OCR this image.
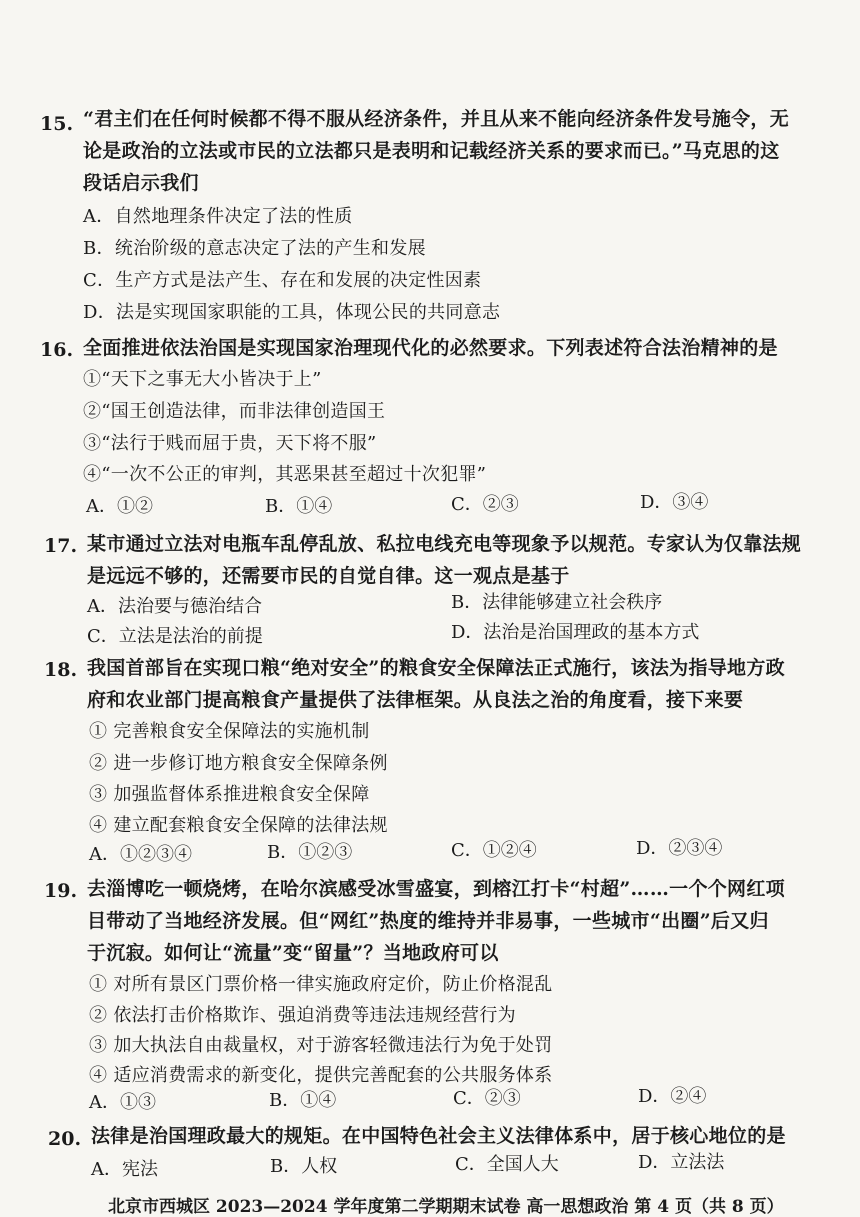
15. “君主们在任何时候都不得不服从经济条件，并且从来不能向经济条件发号施令，无
论是政治的立法或市民的立法都只是表明和记载经济关系的要求而已。”马克思的这
段话启示我们
A．自然地理条件决定了法的性质
B．统治阶级的意志决定了法的产生和发展
C．生产方式是法产生、存在和发展的决定性因素
D．法是实现国家职能的工具，体现公民的共同意志
16. 全面推进依法治国是实现国家治理现代化的必然要求。下列表述符合法治精神的是
①“天下之事无大小皆决于上”
②“国王创造法律，而非法律创造国王
③“法行于贱而屈于贵，天下将不服”
④“一次不公正的审判，其恶果甚至超过十次犯罪”
A．①②	B．①④	C．②③	D．③④
17. 某市通过立法对电瓶车乱停乱放、私拉电线充电等现象予以规范。专家认为仅靠法规
是远远不够的，还需要市民的自觉自律。这一观点是基于
A．法治要与德治结合	B．法律能够建立社会秩序
C．立法是法治的前提	D．法治是治国理政的基本方式
18. 我国首部旨在实现口粮“绝对安全”的粮食安全保障法正式施行，该法为指导地方政
府和农业部门提高粮食产量提供了法律框架。从良法之治的角度看，接下来要
① 完善粮食安全保障法的实施机制
② 进一步修订地方粮食安全保障条例
③ 加强监督体系推进粮食安全保障
④ 建立配套粮食安全保障的法律法规
A．①②③④	B．①②③	C．①②④	D．②③④
19. 去淄博吃一顿烧烤，在哈尔滨感受冰雪盛宴，到榕江打卡“村超”……一个个网红项
目带动了当地经济发展。但“网红”热度的维持并非易事，一些城市“出圈”后又归
于沉寂。如何让“流量”变“留量”？当地政府可以
① 对所有景区门票价格一律实施政府定价，防止价格混乱
② 依法打击价格欺诈、强迫消费等违法违规经营行为
③ 加大执法自由裁量权，对于游客轻微违法行为免于处罚
④ 适应消费需求的新变化，提供完善配套的公共服务体系
A．①③	B．①④	C．②③	D．②④
20. 法律是治国理政最大的规矩。在中国特色社会主义法律体系中，居于核心地位的是
A．宪法	B．人权	C．全国人大	D．立法法
北京市西城区 2023—2024 学年度第二学期期末试卷 高一思想政治 第 4 页（共 8 页）
